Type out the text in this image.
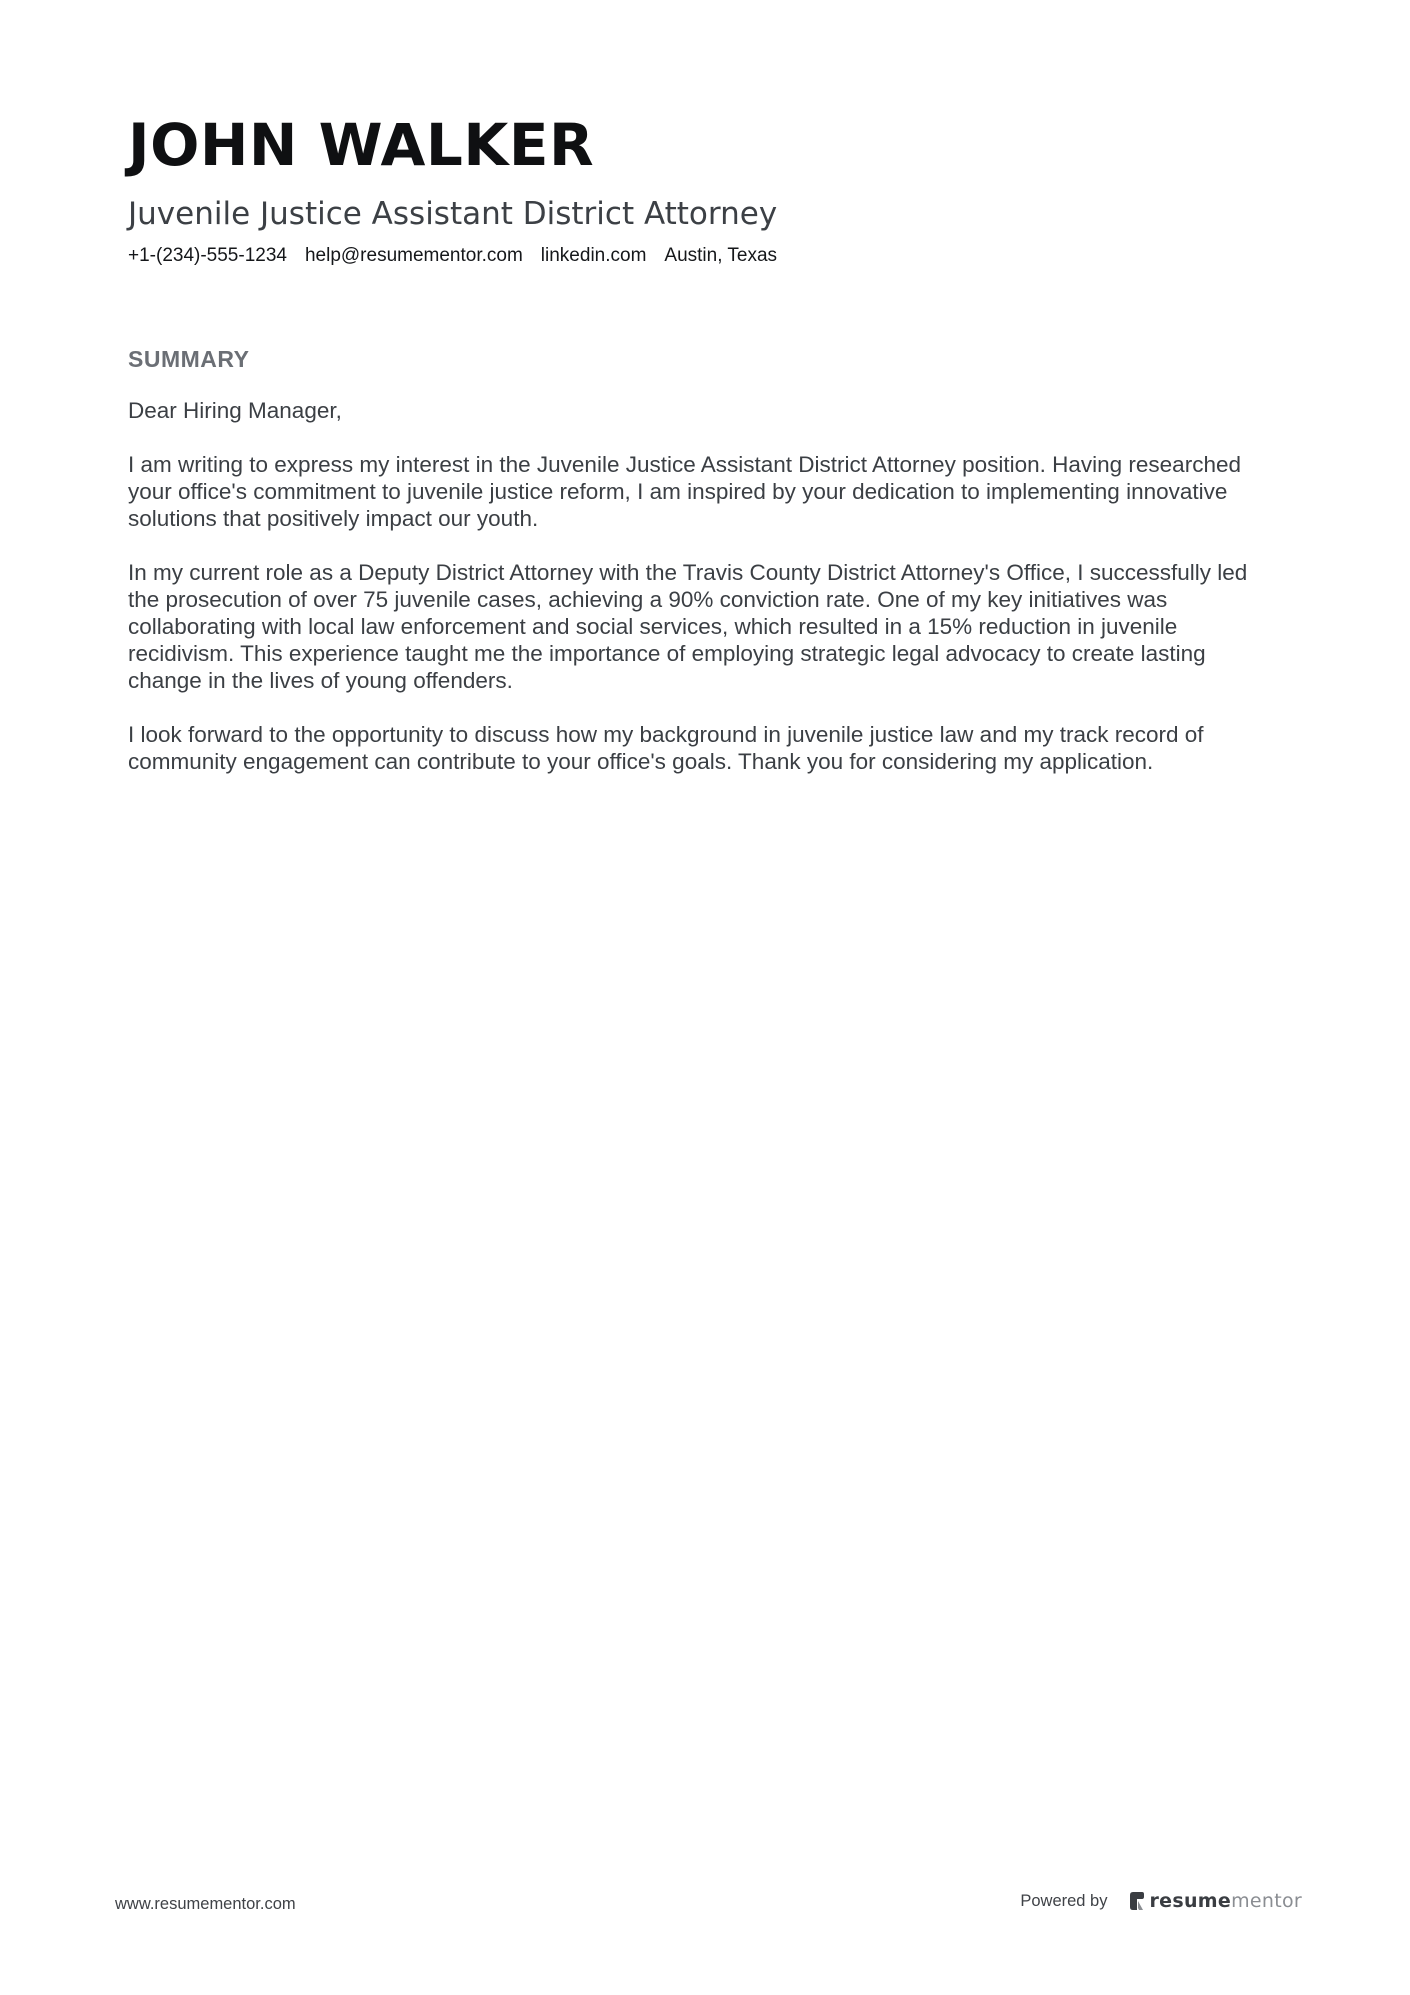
JOHN WALKER
Juvenile Justice Assistant District Attorney
+1-(234)-555-1234 help@resumementor.com linkedin.com Austin, Texas
SUMMARY

Dear Hiring Manager,

I am writing to express my interest in the Juvenile Justice Assistant District Attorney position. Having researched your office's commitment to juvenile justice reform, I am inspired by your dedication to implementing innovative solutions that positively impact our youth.

In my current role as a Deputy District Attorney with the Travis County District Attorney's Office, I successfully led the prosecution of over 75 juvenile cases, achieving a 90% conviction rate. One of my key initiatives was collaborating with local law enforcement and social services, which resulted in a 15% reduction in juvenile recidivism. This experience taught me the importance of employing strategic legal advocacy to create lasting change in the lives of young offenders.

I look forward to the opportunity to discuss how my background in juvenile justice law and my track record of community engagement can contribute to your office's goals. Thank you for considering my application.

www.resumementor.com	Powered by resumementor
